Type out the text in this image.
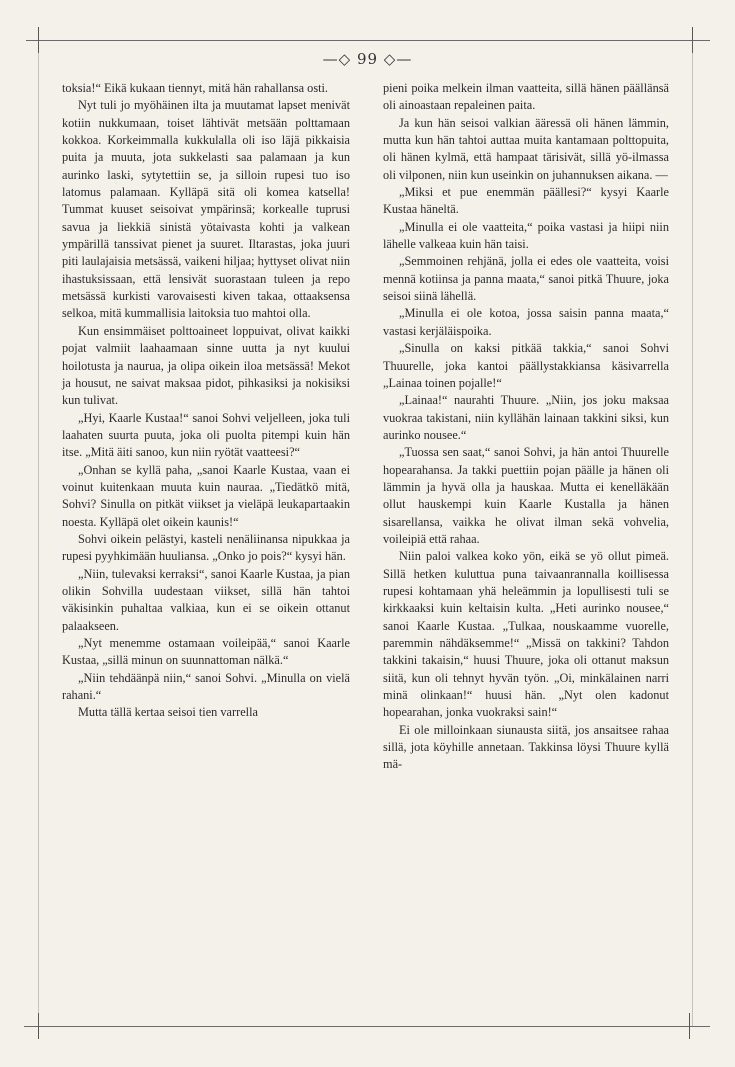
—◇ 99 ◇—

toksia!“ Eikä kukaan tiennyt, mitä hän rahallansa osti.

Nyt tuli jo myöhäinen ilta ja muutamat lapset menivät kotiin nukkumaan, toiset lähtivät metsään polttamaan kokkoa. Korkeimmalla kukkulalla oli iso läjä pikkaisia puita ja muuta, jota sukkelasti saa palamaan ja kun aurinko laski, sytytettiin se, ja silloin rupesi tuo iso latomus palamaan. Kylläpä sitä oli komea katsella! Tummat kuuset seisoivat ympärinsä; korkealle tuprusi savua ja liekkiä sinistä yötaivasta kohti ja valkean ympärillä tanssivat pienet ja suuret. Iltarastas, joka juuri piti laulajaisia metsässä, vaikeni hiljaa; hyttyset olivat niin ihastuksissaan, että lensivät suorastaan tuleen ja repo metsässä kurkisti varovaisesti kiven takaa, ottaaksensa selkoa, mitä kummallisia laitoksia tuo mahtoi olla.

Kun ensimmäiset polttoaineet loppuivat, olivat kaikki pojat valmiit laahaamaan sinne uutta ja nyt kuului hoilotusta ja naurua, ja olipa oikein iloa metsässä! Mekot ja housut, ne saivat maksaa pidot, pihkasiksi ja nokisiksi kun tulivat.

„Hyi, Kaarle Kustaa!“ sanoi Sohvi veljelleen, joka tuli laahaten suurta puuta, joka oli puolta pitempi kuin hän itse. „Mitä äiti sanoo, kun niin ryötät vaatteesi?“

„Onhan se kyllä paha, „sanoi Kaarle Kustaa, vaan ei voinut kuitenkaan muuta kuin nauraa. „Tiedätkö mitä, Sohvi? Sinulla on pitkät viikset ja vieläpä leukapartaakin noesta. Kylläpä olet oikein kaunis!“

Sohvi oikein pelästyi, kasteli nenäliinansa nipukkaa ja rupesi pyyhkimään huuliansa. „Onko jo pois?“ kysyi hän.

„Niin, tulevaksi kerraksi“, sanoi Kaarle Kustaa, ja pian olikin Sohvilla uudestaan viikset, sillä hän tahtoi väkisinkin puhaltaa valkiaa, kun ei se oikein ottanut palaakseen.

„Nyt menemme ostamaan voileipää,“ sanoi Kaarle Kustaa, „sillä minun on suunnattoman nälkä.“

„Niin tehdäänpä niin,“ sanoi Sohvi. „Minulla on vielä rahani.“

Mutta tällä kertaa seisoi tien varrella

pieni poika melkein ilman vaatteita, sillä hänen päällänsä oli ainoastaan repaleinen paita.

Ja kun hän seisoi valkian ääressä oli hänen lämmin, mutta kun hän tahtoi auttaa muita kantamaan polttopuita, oli hänen kylmä, että hampaat tärisivät, sillä yö-ilmassa oli vilponen, niin kun useinkin on juhannuksen aikana. —

„Miksi et pue enemmän päällesi?“ kysyi Kaarle Kustaa häneltä.

„Minulla ei ole vaatteita,“ poika vastasi ja hiipi niin lähelle valkeaa kuin hän taisi.

„Semmoinen rehjänä, jolla ei edes ole vaatteita, voisi mennä kotiinsa ja panna maata,“ sanoi pitkä Thuure, joka seisoi siinä lähellä.

„Minulla ei ole kotoa, jossa saisin panna maata,“ vastasi kerjäläispoika.

„Sinulla on kaksi pitkää takkia,“ sanoi Sohvi Thuurelle, joka kantoi päällystakkiansa käsivarrella „Lainaa toinen pojalle!“

„Lainaa!“ naurahti Thuure. „Niin, jos joku maksaa vuokraa takistani, niin kyllähän lainaan takkini siksi, kun aurinko nousee.“

„Tuossa sen saat,“ sanoi Sohvi, ja hän antoi Thuurelle hopearahansa. Ja takki puettiin pojan päälle ja hänen oli lämmin ja hyvä olla ja hauskaa. Mutta ei kenelläkään ollut hauskempi kuin Kaarle Kustalla ja hänen sisarellansa, vaikka he olivat ilman sekä vohvelia, voileipiä että rahaa.

Niin paloi valkea koko yön, eikä se yö ollut pimeä. Sillä hetken kuluttua puna taivaanrannalla koillisessa rupesi kohtamaan yhä heleämmin ja lopullisesti tuli se kirkkaaksi kuin keltaisin kulta. „Heti aurinko nousee,“ sanoi Kaarle Kustaa. „Tulkaa, nouskaamme vuorelle, paremmin nähdäksemme!“ „Missä on takkini? Tahdon takkini takaisin,“ huusi Thuure, joka oli ottanut maksun siitä, kun oli tehnyt hyvän työn. „Oi, minkälainen narri minä olinkaan!“ huusi hän. „Nyt olen kadonut hopearahan, jonka vuokraksi sain!“

Ei ole milloinkaan siunausta siitä, jos ansaitsee rahaa sillä, jota köyhille annetaan. Takkinsa löysi Thuure kyllä mä-
